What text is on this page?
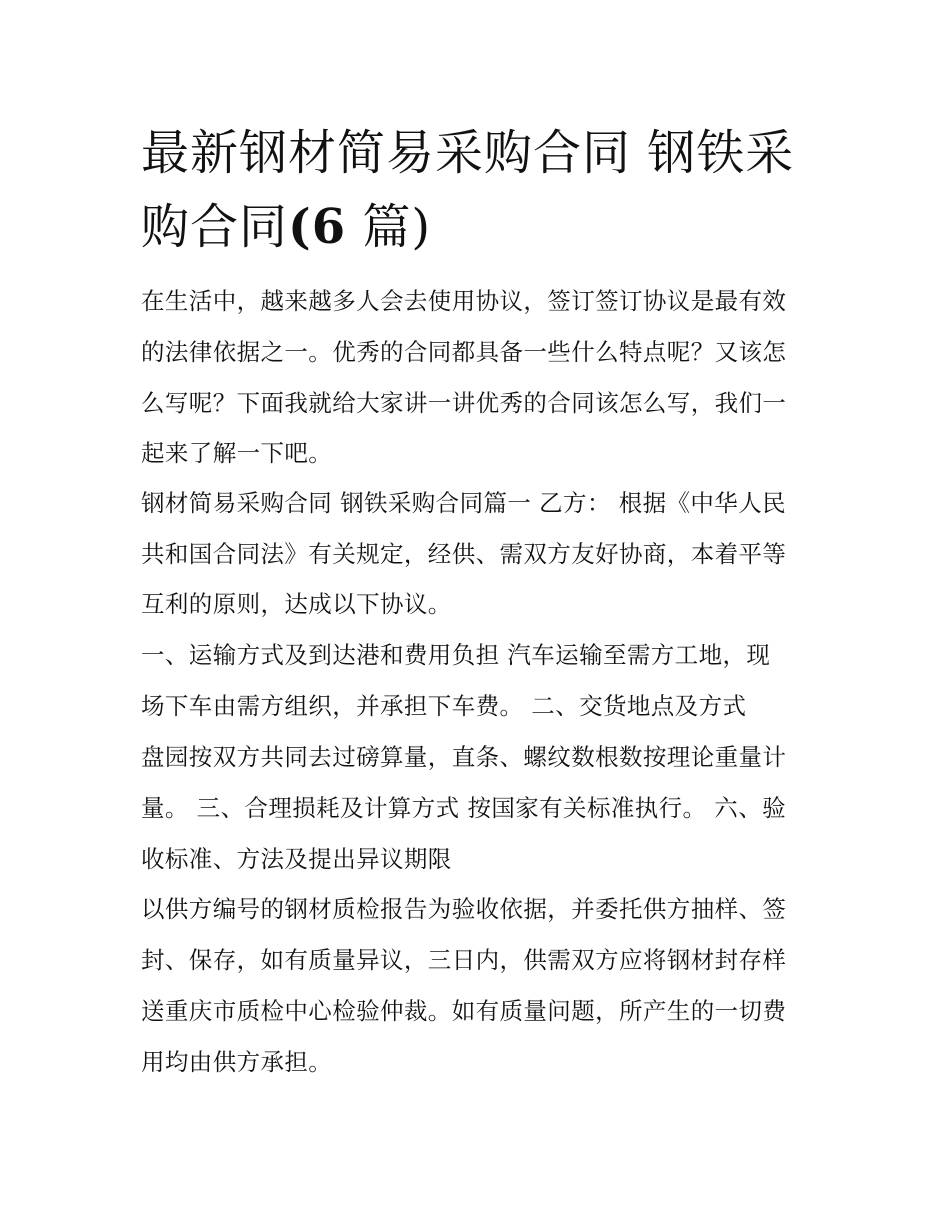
最新钢材简易采购合同 钢铁采
购合同(6 篇)

在生活中，越来越多人会去使用协议，签订签订协议是最有效

的法律依据之一。优秀的合同都具备一些什么特点呢？又该怎

么写呢？下面我就给大家讲一讲优秀的合同该怎么写，我们一

起来了解一下吧。

钢材简易采购合同 钢铁采购合同篇一 乙方： 根据《中华人民

共和国合同法》有关规定，经供、需双方友好协商，本着平等

互利的原则，达成以下协议。

一、运输方式及到达港和费用负担 汽车运输至需方工地，现

场下车由需方组织，并承担下车费。 二、交货地点及方式

盘园按双方共同去过磅算量，直条、螺纹数根数按理论重量计

量。 三、合理损耗及计算方式 按国家有关标准执行。 六、验

收标准、方法及提出异议期限

以供方编号的钢材质检报告为验收依据，并委托供方抽样、签

封、保存，如有质量异议，三日内，供需双方应将钢材封存样

送重庆市质检中心检验仲裁。如有质量问题，所产生的一切费

用均由供方承担。
